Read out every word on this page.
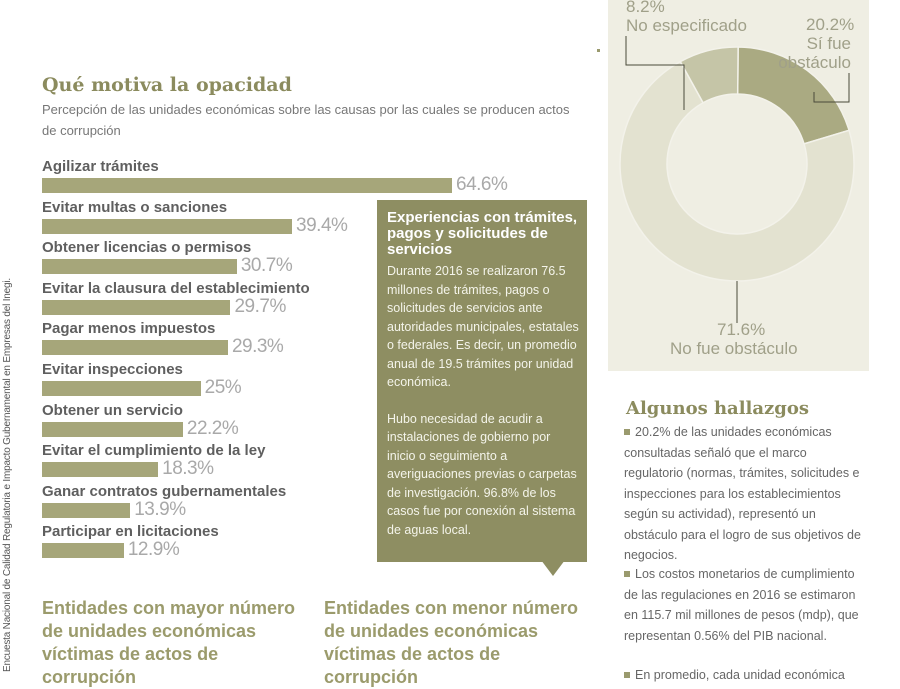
Encuesta Nacional de Calidad Regulatoria e Impacto Gubernamental en Empresas del Inegi.
Qué motiva la opacidad
Percepción de las unidades económicas sobre las causas por las cuales se producen actos de corrupción
Agilizar trámites
64.6%
Evitar multas o sanciones
39.4%
Obtener licencias o permisos
30.7%
Evitar la clausura del establecimiento
29.7%
Pagar menos impuestos
29.3%
Evitar inspecciones
25%
Obtener un servicio
22.2%
Evitar el cumplimiento de la ley
18.3%
Ganar contratos gubernamentales
13.9%
Participar en licitaciones
12.9%
Experiencias con trámites, pagos y solicitudes de servicios
Durante 2016 se realizaron 76.5 millones de trámites, pagos o solicitudes de servicios ante autoridades municipales, estatales o federales. Es decir, un promedio anual de 19.5 trámites por unidad económica.
Hubo necesidad de acudir a instalaciones de gobierno por inicio o seguimiento a averiguaciones previas o carpetas de investigación. 96.8% de los casos fue por conexión al sistema de aguas local.
Entidades con mayor número de unidades económicas víctimas de actos de corrupción
Entidades con menor número de unidades económicas víctimas de actos de corrupción
8.2%
No especificado	20.2%
Sí fue
obstáculo
71.6%
No fue obstáculo
Algunos hallazgos
20.2% de las unidades económicas consultadas señaló que el marco regulatorio (normas, trámites, solicitudes e inspecciones para los establecimientos según su actividad), representó un obstáculo para el logro de sus objetivos de negocios.
Los costos monetarios de cumplimiento de las regulaciones en 2016 se estimaron en 115.7 mil millones de pesos (mdp), que representan 0.56% del PIB nacional.
En promedio, cada unidad económica
